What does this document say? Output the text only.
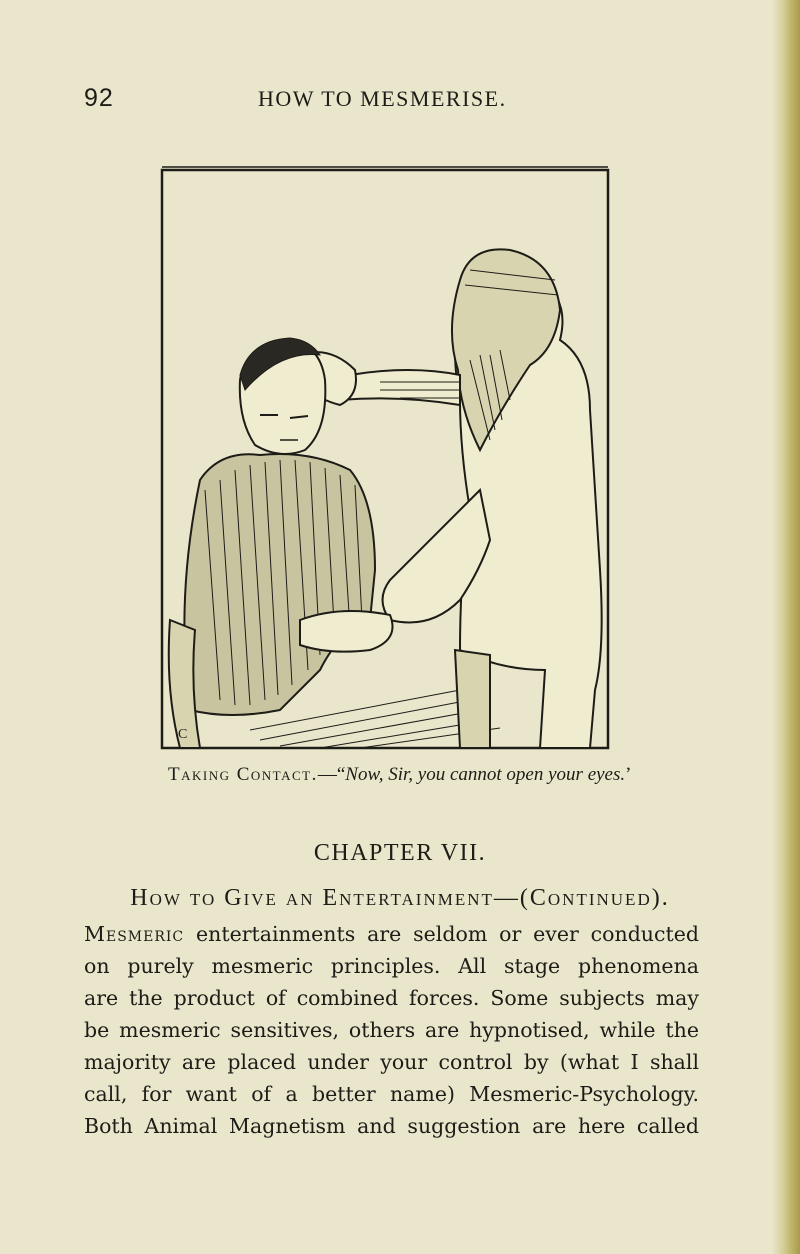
92	HOW TO MESMERISE.
C
Taking Contact.—“Now, Sir, you cannot open your eyes.’
CHAPTER VII.
How to Give an Entertainment—(Continued).
Mesmeric entertainments are seldom or ever conducted
on purely mesmeric principles. All stage phenomena
are the product of combined forces. Some subjects may
be mesmeric sensitives, others are hypnotised, while the
majority are placed under your control by (what I shall
call, for want of a better name) Mesmeric-Psychology.
Both Animal Magnetism and suggestion are here called
